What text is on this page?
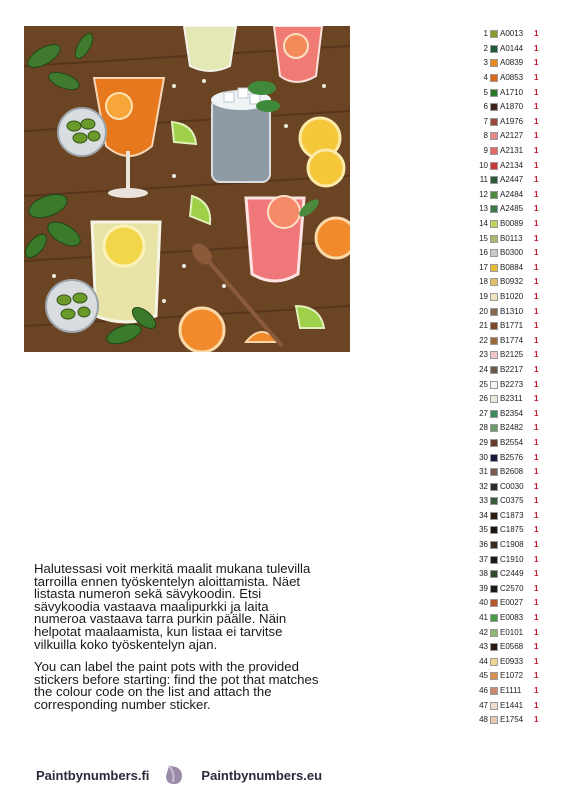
1 A0013	1
2 A0144	1
3 A0839	1
4 A0853	1
5 A1710	1
6 A1870	1
7 A1976	1
8 A2127	1
9 A2131	1
10 A2134	1
11 A2447	1
12 A2484	1
13 A2485	1
14 B0089	1
15 B0113	1
16 B0300	1
17 B0884	1
18 B0932	1
19 B1020	1
20 B1310	1
21 B1771	1
22 B1774	1
23 B2125	1
24 B2217	1
25 B2273	1
26 B2311	1
27 B2354	1
28 B2482	1
29 B2554	1
30 B2576	1
31 B2608	1
32 C0030	1
33 C0375	1
34 C1873	1
35 C1875	1
36 C1908	1
37 C1910	1
38 C2449	1
39 C2570	1
40 E0027	1
41 E0083	1
42 E0101	1
43 E0568	1
44 E0933	1
45 E1072	1
46 E1111	1
47 E1441	1
48 E1754	1

Halutessasi voit merkitä maalit mukana tulevilla tarroilla ennen työskentelyn aloittamista. Näet listasta numeron sekä sävykoodin. Etsi sävykoodia vastaava maalipurkki ja laita numeroa vastaava tarra purkin päälle. Näin helpotat maalaamista, kun listaa ei tarvitse vilkuilla koko työskentelyn ajan.

You can label the paint pots with the provided stickers before starting: find the pot that matches the colour code on the list and attach the corresponding number sticker.

Paintbynumbers.fi	Paintbynumbers.eu
